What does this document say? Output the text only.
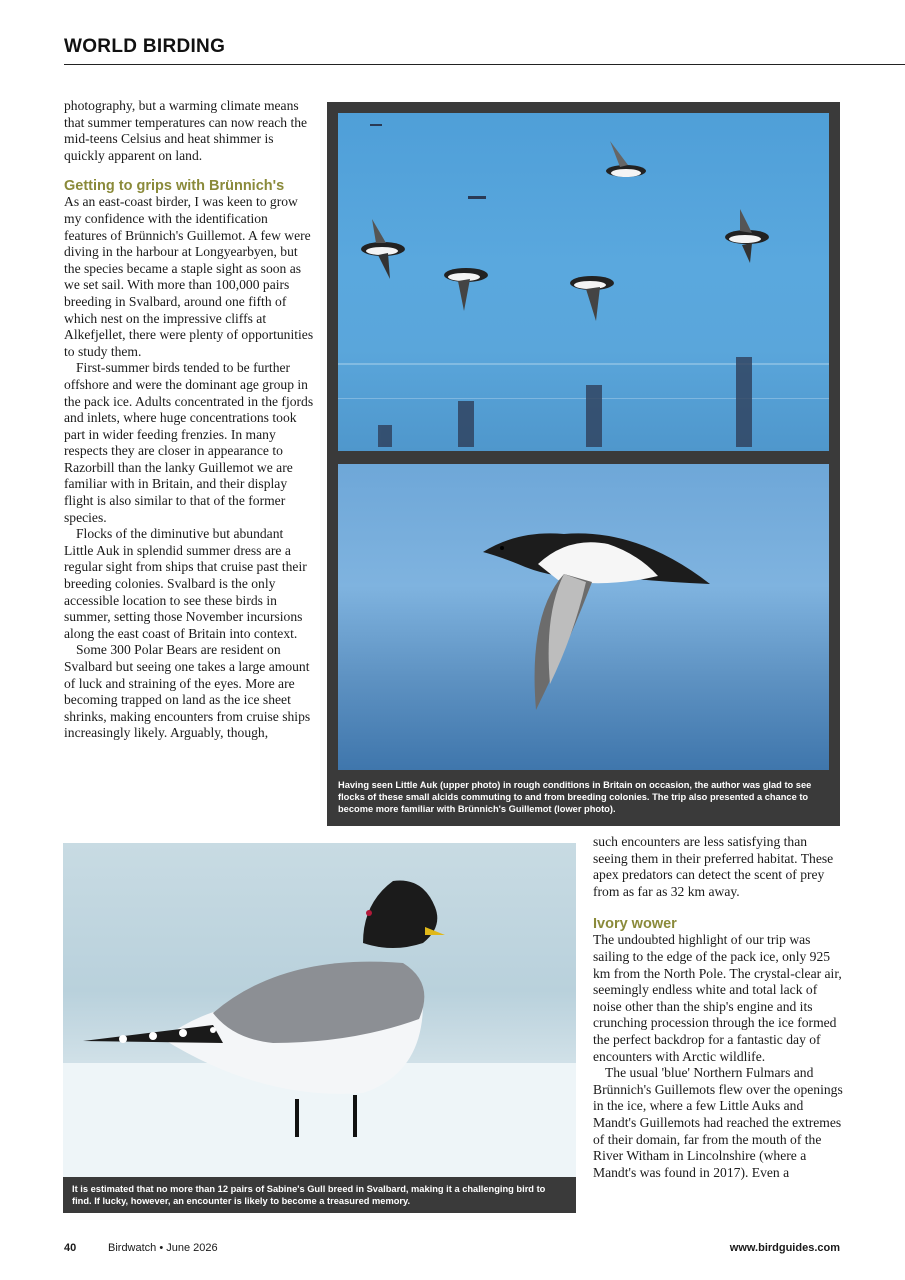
WORLD BIRDING

photography, but a warming climate means that summer temperatures can now reach the mid-teens Celsius and heat shimmer is quickly apparent on land.

Getting to grips with Brünnich's

As an east-coast birder, I was keen to grow my confidence with the identification features of Brünnich's Guillemot. A few were diving in the harbour at Longyearbyen, but the species became a staple sight as soon as we set sail. With more than 100,000 pairs breeding in Svalbard, around one fifth of which nest on the impressive cliffs at Alkefjellet, there were plenty of opportunities to study them.

First-summer birds tended to be further offshore and were the dominant age group in the pack ice. Adults concentrated in the fjords and inlets, where huge concentrations took part in wider feeding frenzies. In many respects they are closer in appearance to Razorbill than the lanky Guillemot we are familiar with in Britain, and their display flight is also similar to that of the former species.

Flocks of the diminutive but abundant Little Auk in splendid summer dress are a regular sight from ships that cruise past their breeding colonies. Svalbard is the only accessible location to see these birds in summer, setting those November incursions along the east coast of Britain into context.

Some 300 Polar Bears are resident on Svalbard but seeing one takes a large amount of luck and straining of the eyes. More are becoming trapped on land as the ice sheet shrinks, making encounters from cruise ships increasingly likely. Arguably, though,

Having seen Little Auk (upper photo) in rough conditions in Britain on occasion, the author was glad to see flocks of these small alcids commuting to and from breeding colonies. The trip also presented a chance to become more familiar with Brünnich's Guillemot (lower photo).
It is estimated that no more than 12 pairs of Sabine's Gull breed in Svalbard, making it a challenging bird to find. If lucky, however, an encounter is likely to become a treasured memory.

such encounters are less satisfying than seeing them in their preferred habitat. These apex predators can detect the scent of prey from as far as 32 km away.

Ivory wower

The undoubted highlight of our trip was sailing to the edge of the pack ice, only 925 km from the North Pole. The crystal-clear air, seemingly endless white and total lack of noise other than the ship's engine and its crunching procession through the ice formed the perfect backdrop for a fantastic day of encounters with Arctic wildlife.

The usual 'blue' Northern Fulmars and Brünnich's Guillemots flew over the openings in the ice, where a few Little Auks and Mandt's Guillemots had reached the extremes of their domain, far from the mouth of the River Witham in Lincolnshire (where a Mandt's was found in 2017). Even a

40	Birdwatch • June 2026	www.birdguides.com
